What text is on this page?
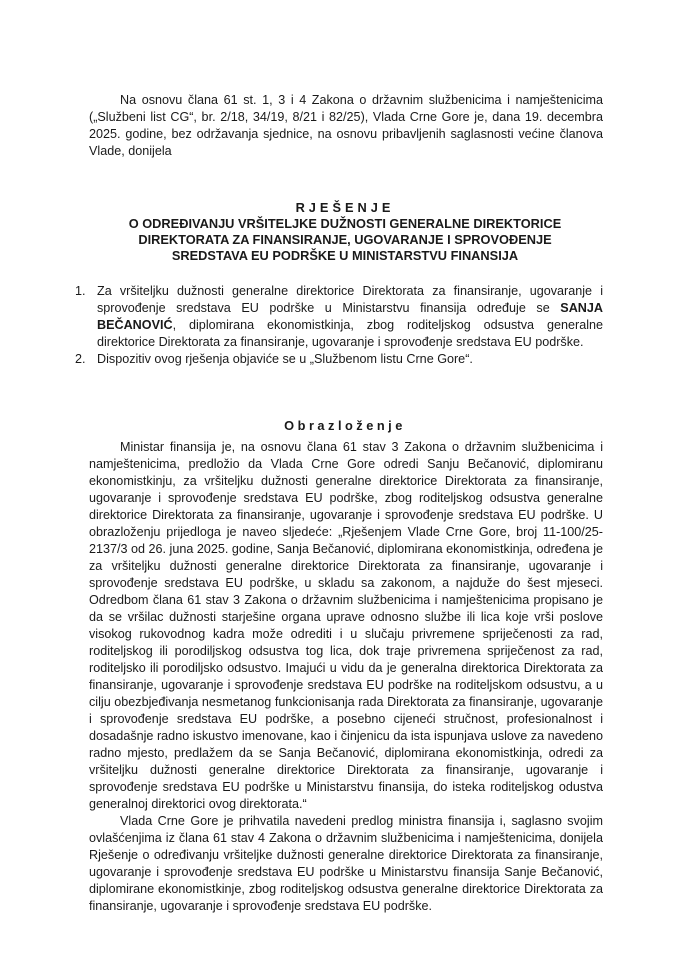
Na osnovu člana 61 st. 1, 3 i 4 Zakona o državnim službenicima i namještenicima („Službeni list CG“, br. 2/18, 34/19, 8/21 i 82/25), Vlada Crne Gore je, dana 19. decembra 2025. godine, bez održavanja sjednice, na osnovu pribavljenih saglasnosti većine članova Vlade, donijela

RJEŠENJE
O ODREĐIVANJU VRŠITELJKE DUŽNOSTI GENERALNE DIREKTORICE
DIREKTORATA ZA FINANSIRANJE, UGOVARANJE I SPROVOĐENJE
SREDSTAVA EU PODRŠKE U MINISTARSTVU FINANSIJA
1. Za vršiteljku dužnosti generalne direktorice Direktorata za finansiranje, ugovaranje i sprovođenje sredstava EU podrške u Ministarstvu finansija određuje se SANJA BEČANOVIĆ, diplomirana ekonomistkinja, zbog roditeljskog odsustva generalne direktorice Direktorata za finansiranje, ugovaranje i sprovođenje sredstava EU podrške.
2. Dispozitiv ovog rješenja objaviće se u „Službenom listu Crne Gore“.
Obrazloženje

Ministar finansija je, na osnovu člana 61 stav 3 Zakona o državnim službenicima i namještenicima, predložio da Vlada Crne Gore odredi Sanju Bečanović, diplomiranu ekonomistkinju, za vršiteljku dužnosti generalne direktorice Direktorata za finansiranje, ugovaranje i sprovođenje sredstava EU podrške, zbog roditeljskog odsustva generalne direktorice Direktorata za finansiranje, ugovaranje i sprovođenje sredstava EU podrške. U obrazloženju prijedloga je naveo sljedeće: „Rješenjem Vlade Crne Gore, broj 11-100/25-2137/3 od 26. juna 2025. godine, Sanja Bečanović, diplomirana ekonomistkinja, određena je za vršiteljku dužnosti generalne direktorice Direktorata za finansiranje, ugovaranje i sprovođenje sredstava EU podrške, u skladu sa zakonom, a najduže do šest mjeseci. Odredbom člana 61 stav 3 Zakona o državnim službenicima i namještenicima propisano je da se vršilac dužnosti starješine organa uprave odnosno službe ili lica koje vrši poslove visokog rukovodnog kadra može odrediti i u slučaju privremene spriječenosti za rad, roditeljskog ili porodiljskog odsustva tog lica, dok traje privremena spriječenost za rad, roditeljsko ili porodiljsko odsustvo. Imajući u vidu da je generalna direktorica Direktorata za finansiranje, ugovaranje i sprovođenje sredstava EU podrške na roditeljskom odsustvu, a u cilju obezbjeđivanja nesmetanog funkcionisanja rada Direktorata za finansiranje, ugovaranje i sprovođenje sredstava EU podrške, a posebno cijeneći stručnost, profesionalnost i dosadašnje radno iskustvo imenovane, kao i činjenicu da ista ispunjava uslove za navedeno radno mjesto, predlažem da se Sanja Bečanović, diplomirana ekonomistkinja, odredi za vršiteljku dužnosti generalne direktorice Direktorata za finansiranje, ugovaranje i sprovođenje sredstava EU podrške u Ministarstvu finansija, do isteka roditeljskog odustva generalnoj direktorici ovog direktorata.“

Vlada Crne Gore je prihvatila navedeni predlog ministra finansija i, saglasno svojim ovlašćenjima iz člana 61 stav 4 Zakona o državnim službenicima i namještenicima, donijela Rješenje o određivanju vršiteljke dužnosti generalne direktorice Direktorata za finansiranje, ugovaranje i sprovođenje sredstava EU podrške u Ministarstvu finansija Sanje Bečanović, diplomirane ekonomistkinje, zbog roditeljskog odsustva generalne direktorice Direktorata za finansiranje, ugovaranje i sprovođenje sredstava EU podrške.
